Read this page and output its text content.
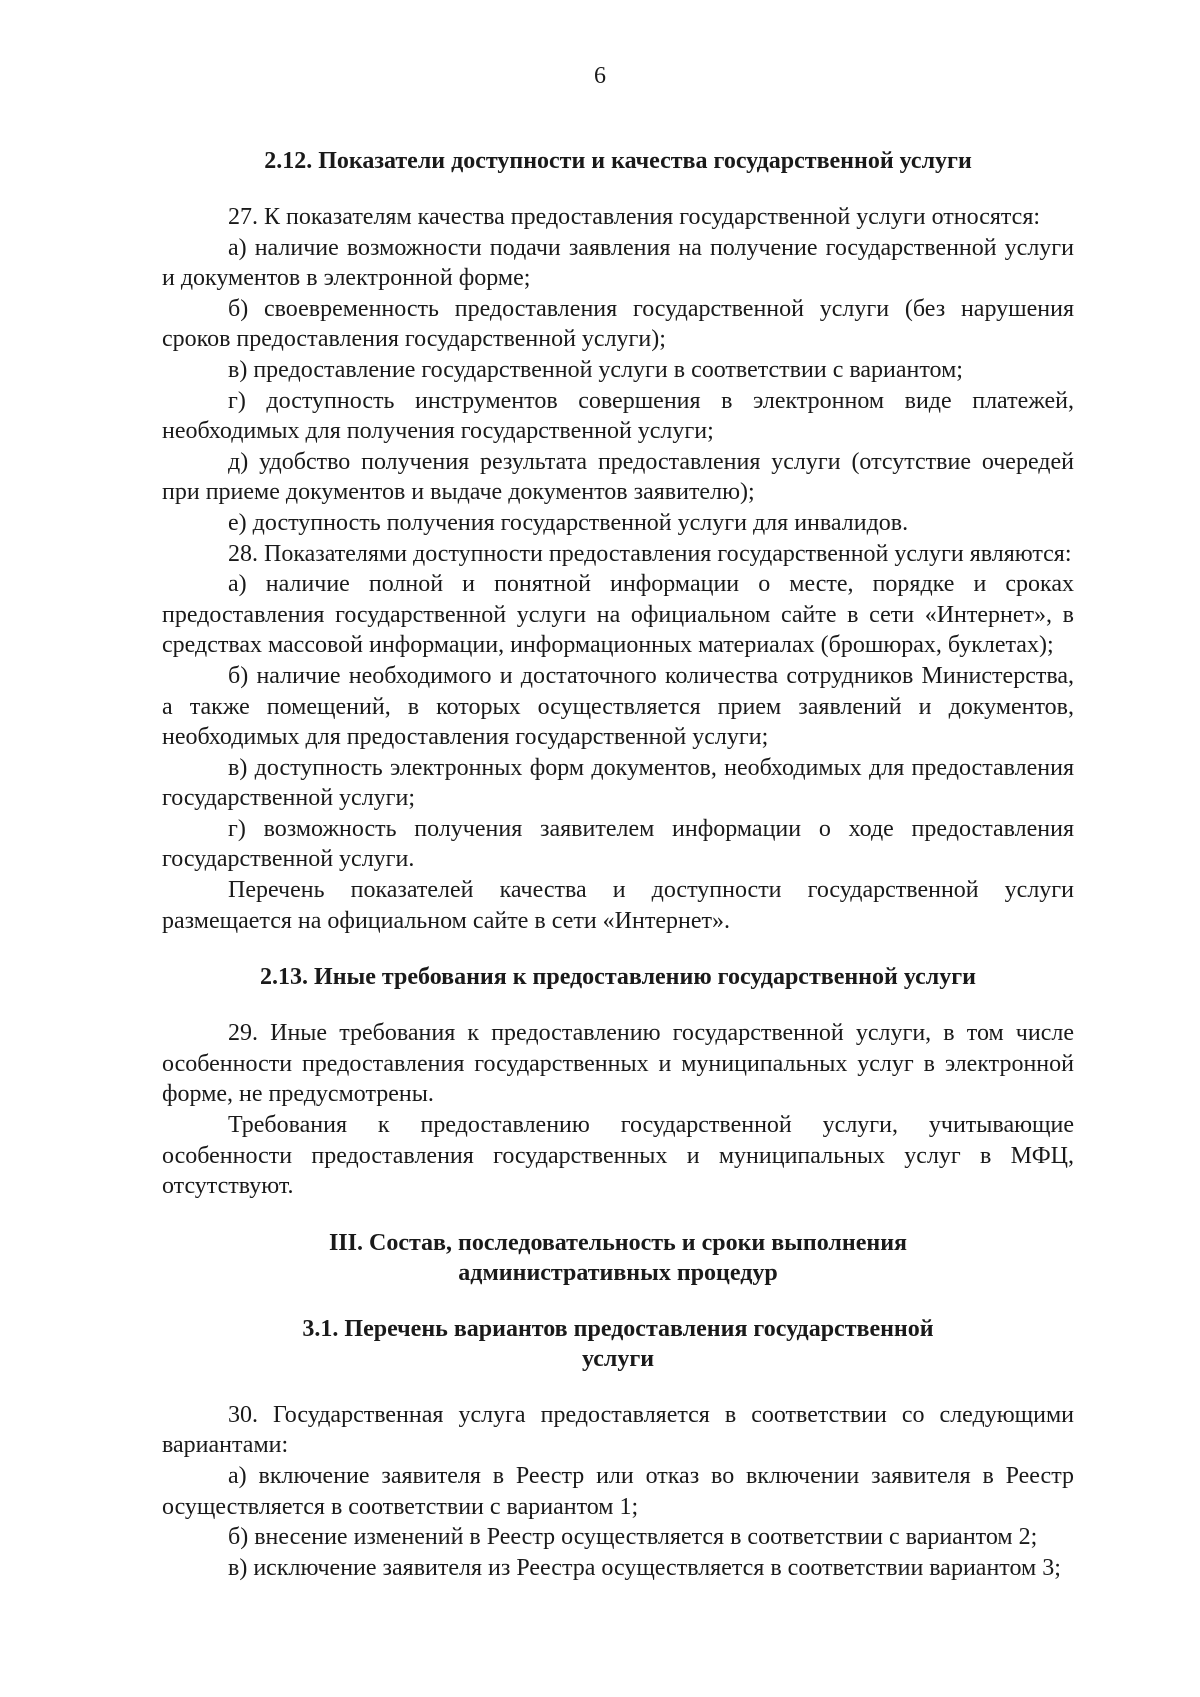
6
2.12. Показатели доступности и качества государственной услуги

27. К показателям качества предоставления государственной услуги относятся:

а) наличие возможности подачи заявления на получение государственной услуги и документов в электронной форме;

б) своевременность предоставления государственной услуги (без нарушения сроков предоставления государственной услуги);

в) предоставление государственной услуги в соответствии с вариантом;

г) доступность инструментов совершения в электронном виде платежей, необходимых для получения государственной услуги;

д) удобство получения результата предоставления услуги (отсутствие очередей при приеме документов и выдаче документов заявителю);

е) доступность получения государственной услуги для инвалидов.

28. Показателями доступности предоставления государственной услуги являются:

а) наличие полной и понятной информации о месте, порядке и сроках предоставления государственной услуги на официальном сайте в сети «Интернет», в средствах массовой информации, информационных материалах (брошюрах, буклетах);

б) наличие необходимого и достаточного количества сотрудников Министерства, а также помещений, в которых осуществляется прием заявлений и документов, необходимых для предоставления государственной услуги;

в) доступность электронных форм документов, необходимых для предоставления государственной услуги;

г) возможность получения заявителем информации о ходе предоставления государственной услуги.

Перечень показателей качества и доступности государственной услуги размещается на официальном сайте в сети «Интернет».

2.13. Иные требования к предоставлению государственной услуги

29. Иные требования к предоставлению государственной услуги, в том числе особенности предоставления государственных и муниципальных услуг в электронной форме, не предусмотрены.

Требования к предоставлению государственной услуги, учитывающие особенности предоставления государственных и муниципальных услуг в МФЦ, отсутствуют.

III. Состав, последовательность и сроки выполнения
административных процедур
3.1. Перечень вариантов предоставления государственной
услуги

30. Государственная услуга предоставляется в соответствии со следующими вариантами:

а) включение заявителя в Реестр или отказ во включении заявителя в Реестр осуществляется в соответствии с вариантом 1;

б) внесение изменений в Реестр осуществляется в соответствии с вариантом 2;

в) исключение заявителя из Реестра осуществляется в соответствии вариантом 3;
